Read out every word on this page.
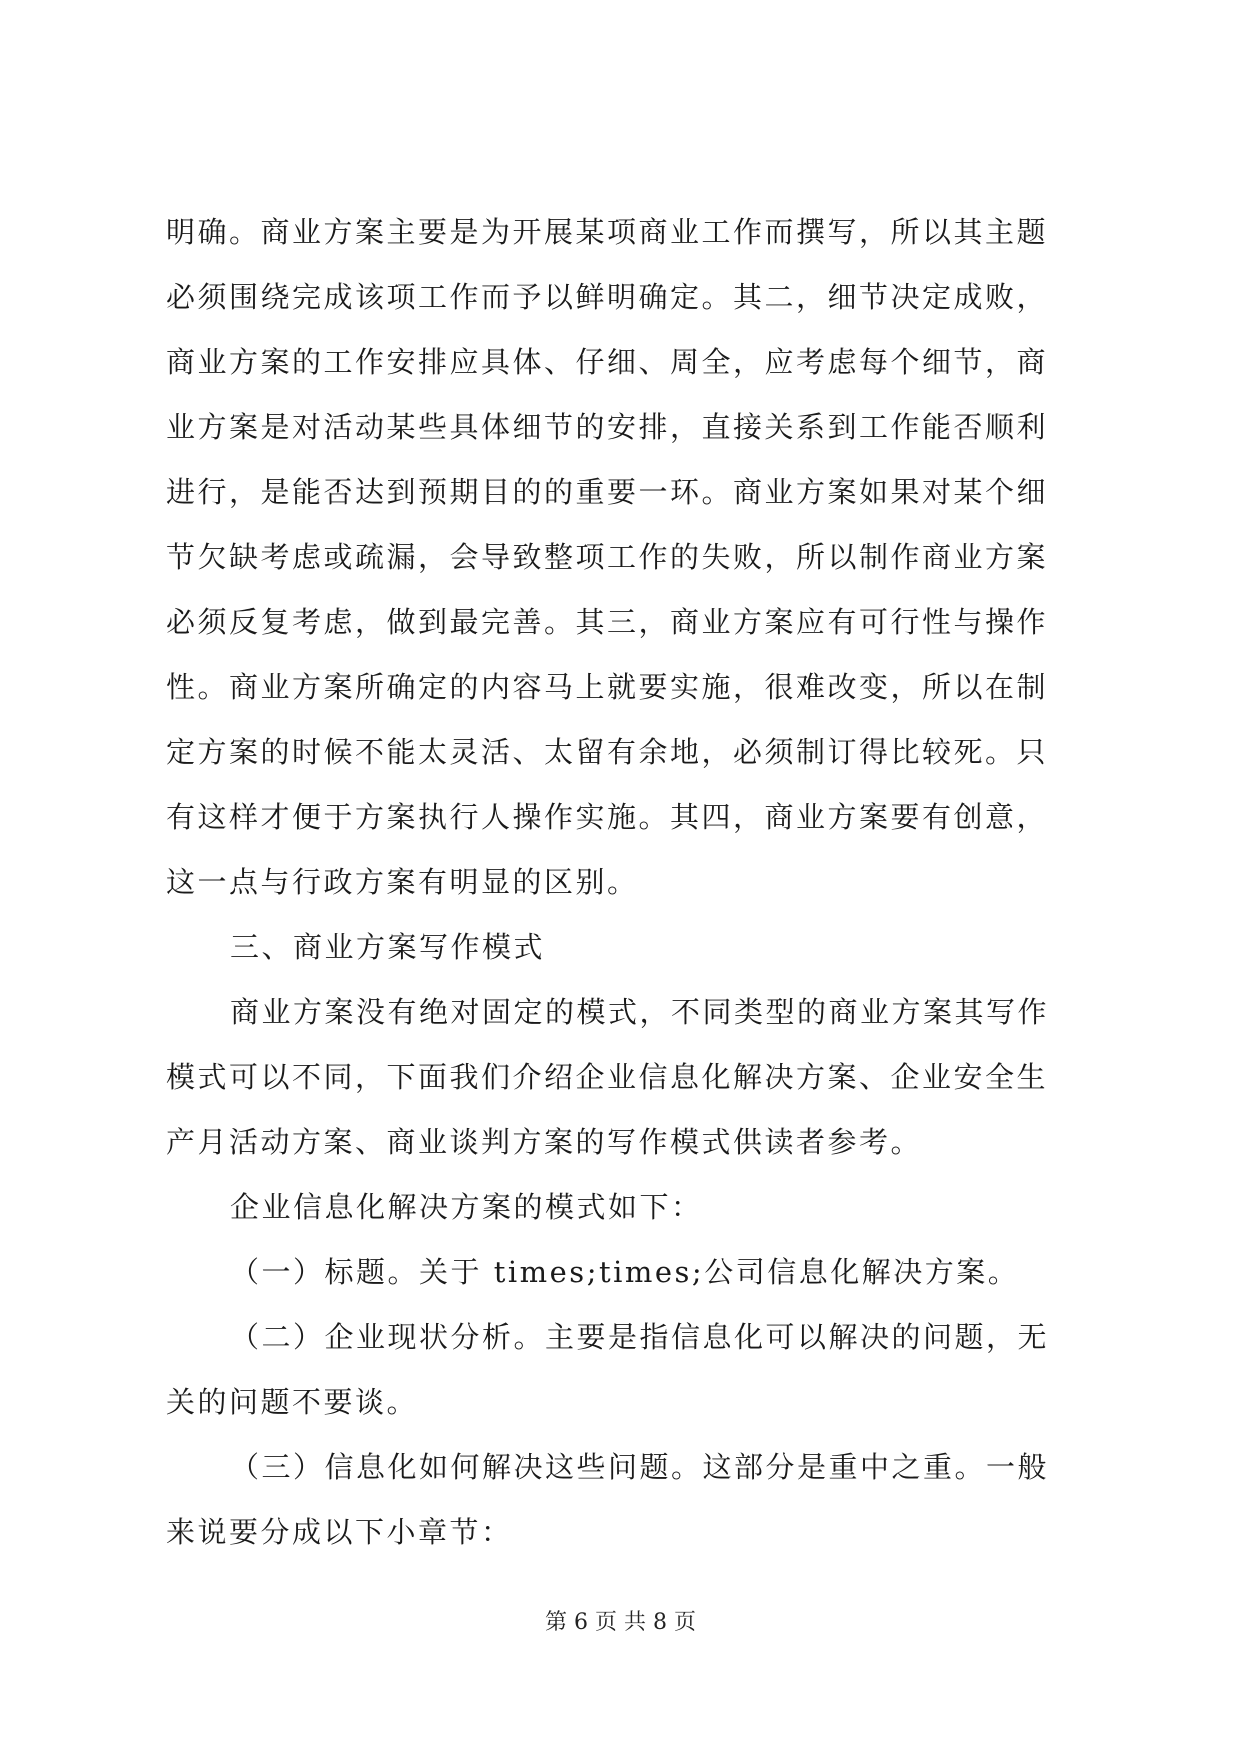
明确。商业方案主要是为开展某项商业工作而撰写，所以其主题
必须围绕完成该项工作而予以鲜明确定。其二，细节决定成败，
商业方案的工作安排应具体、仔细、周全，应考虑每个细节，商
业方案是对活动某些具体细节的安排，直接关系到工作能否顺利
进行，是能否达到预期目的的重要一环。商业方案如果对某个细
节欠缺考虑或疏漏，会导致整项工作的失败，所以制作商业方案
必须反复考虑，做到最完善。其三，商业方案应有可行性与操作
性。商业方案所确定的内容马上就要实施，很难改变，所以在制
定方案的时候不能太灵活、太留有余地，必须制订得比较死。只
有这样才便于方案执行人操作实施。其四，商业方案要有创意，
这一点与行政方案有明显的区别。
三、商业方案写作模式
商业方案没有绝对固定的模式，不同类型的商业方案其写作
模式可以不同，下面我们介绍企业信息化解决方案、企业安全生
产月活动方案、商业谈判方案的写作模式供读者参考。
企业信息化解决方案的模式如下：
（一）标题。关于 times;times;公司信息化解决方案。
（二）企业现状分析。主要是指信息化可以解决的问题，无
关的问题不要谈。
（三）信息化如何解决这些问题。这部分是重中之重。一般
来说要分成以下小章节：
第 6 页 共 8 页
